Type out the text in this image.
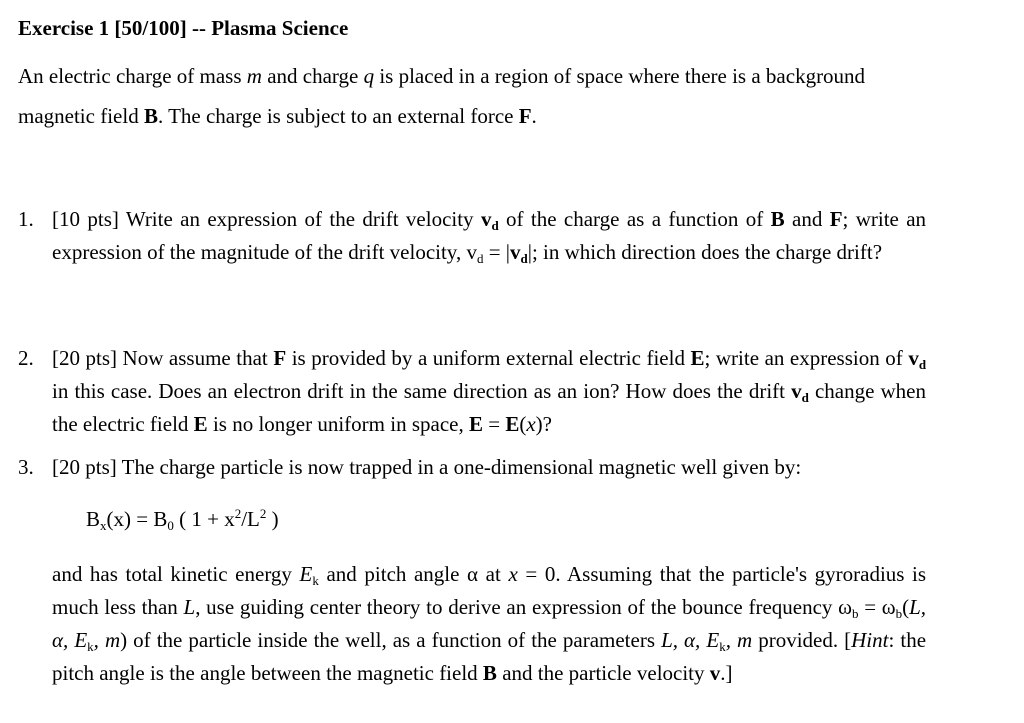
Exercise 1 [50/100] -- Plasma Science
An electric charge of mass m and charge q is placed in a region of space where there is a background magnetic field B. The charge is subject to an external force F.
1. [10 pts] Write an expression of the drift velocity $v_d$ of the charge as a function of B and F; write an expression of the magnitude of the drift velocity, $v_d = |v_d|$; in which direction does the charge drift?
2. [20 pts] Now assume that F is provided by a uniform external electric field E; write an expression of $v_d$ in this case. Does an electron drift in the same direction as an ion? How does the drift $v_d$ change when the electric field E is no longer uniform in space, E = E(x)?
3. [20 pts] The charge particle is now trapped in a one-dimensional magnetic well given by:
$B_x(x) = B_0$ ( $1 + x^2/L^2$ )
and has total kinetic energy $E_k$ and pitch angle α at x = 0. Assuming that the particle's gyroradius is much less than L, use guiding center theory to derive an expression of the bounce frequency $\omega_b = \omega_b(L$, α, $E_k$, m) of the particle inside the well, as a function of the parameters L, α, $E_k$, m provided. [Hint: the pitch angle is the angle between the magnetic field B and the particle velocity v.]
